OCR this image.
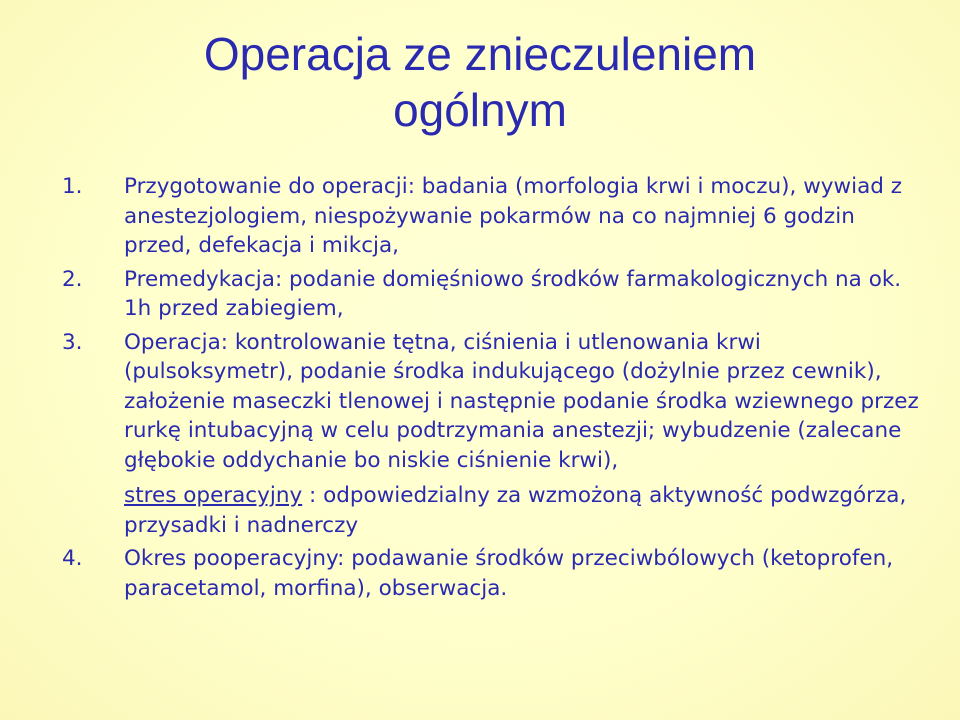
Operacja ze znieczuleniem
ogólnym
1. Przygotowanie do operacji: badania (morfologia krwi i moczu), wywiad z anestezjologiem, niespożywanie pokarmów na co najmniej 6 godzin przed, defekacja i mikcja,
2. Premedykacja: podanie domięśniowo środków farmakologicznych na ok. 1h przed zabiegiem,
3. Operacja: kontrolowanie tętna, ciśnienia i utlenowania krwi (pulsoksymetr), podanie środka indukującego (dożylnie przez cewnik), założenie maseczki tlenowej i następnie podanie środka wziewnego przez rurkę intubacyjną w celu podtrzymania anestezji; wybudzenie (zalecane głębokie oddychanie bo niskie ciśnienie krwi),
stres operacyjny : odpowiedzialny za wzmożoną aktywność podwzgórza, przysadki i nadnerczy
4. Okres pooperacyjny: podawanie środków przeciwbólowych (ketoprofen, paracetamol, morfina), obserwacja.
